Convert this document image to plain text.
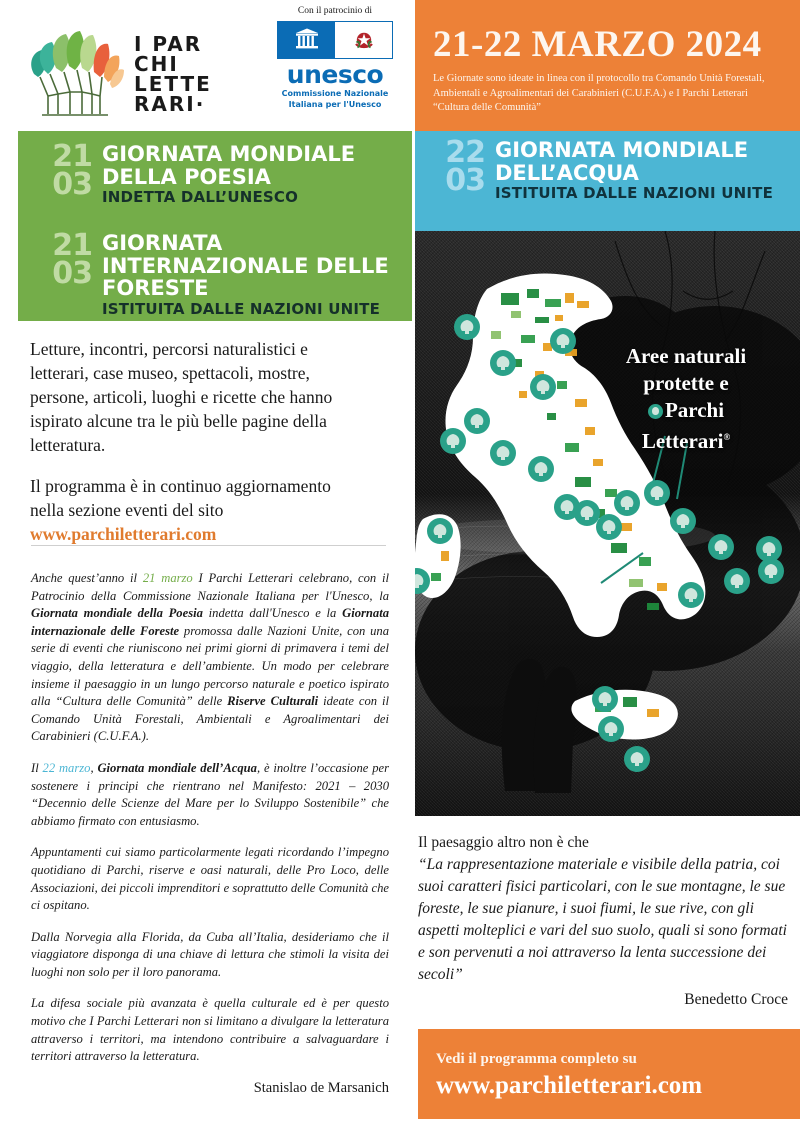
I PAR
CHI
LETTE
RARI·
Con il patrocinio di
unesco
Commissione Nazionale
Italiana per l'Unesco
21-22 MARZO 2024
Le Giornate sono ideate in linea con il protocollo tra Comando Unità Forestali, Ambientali e Agroalimentari dei Carabinieri (C.U.F.A.) e I Parchi Letterari “Cultura delle Comunità”
21
03
GIORNATA MONDIALE DELLA POESIA
INDETTA DALL’UNESCO
21
03
GIORNATA INTERNAZIONALE DELLE FORESTE
ISTITUITA DALLE NAZIONI UNITE
22
03
GIORNATA MONDIALE DELL’ACQUA
ISTITUITA DALLE NAZIONI UNITE

Letture, incontri, percorsi naturalistici e letterari, case museo, spettacoli, mostre, persone, articoli, luoghi e ricette che hanno ispirato alcune tra le più belle pagine della letteratura.

Il programma è in continuo aggiornamento nella sezione eventi del sito
www.parchiletterari.com

Anche quest’anno il 21 marzo I Parchi Letterari celebrano, con il Patrocinio della Commissione Nazionale Italiana per l'Unesco, la Giornata mondiale della Poesia indetta dall'Unesco e la Giornata internazionale delle Foreste promossa dalle Nazioni Unite, con una serie di eventi che riuniscono nei primi giorni di primavera i temi del viaggio, della letteratura e dell’ambiente. Un modo per celebrare insieme il paesaggio in un lungo percorso naturale e poetico ispirato alla “Cultura delle Comunità” delle Riserve Culturali ideate con il Comando Unità Forestali, Ambientali e Agroalimentari dei Carabinieri (C.U.F.A.).

Il 22 marzo, Giornata mondiale dell’Acqua, è inoltre l’occasione per sostenere i principi che rientrano nel Manifesto: 2021 – 2030 “Decennio delle Scienze del Mare per lo Sviluppo Sostenibile” che abbiamo firmato con entusiasmo.

Appuntamenti cui siamo particolarmente legati ricordando l’impegno quotidiano di Parchi, riserve e oasi naturali, delle Pro Loco, delle Associazioni, dei piccoli imprenditori e soprattutto delle Comunità che ci ospitano.

Dalla Norvegia alla Florida, da Cuba all’Italia, desideriamo che il viaggiatore disponga di una chiave di lettura che stimoli la visita dei luoghi non solo per il loro panorama.

La difesa sociale più avanzata è quella culturale ed è per questo motivo che I Parchi Letterari non si limitano a divulgare la letteratura attraverso i territori, ma intendono contribuire a salvaguardare i territori attraverso la letteratura.

Stanislao de Marsanich
Aree naturali
protette e
Parchi
Letterari®
Il paesaggio altro non è che
“La rappresentazione materiale e visibile della patria, coi suoi caratteri fisici particolari, con le sue montagne, le sue foreste, le sue pianure, i suoi fiumi, le sue rive, con gli aspetti molteplici e vari del suo suolo, quali si sono formati e son pervenuti a noi attraverso la lenta successione dei secoli”
Benedetto Croce
Vedi il programma completo su
www.parchiletterari.com
